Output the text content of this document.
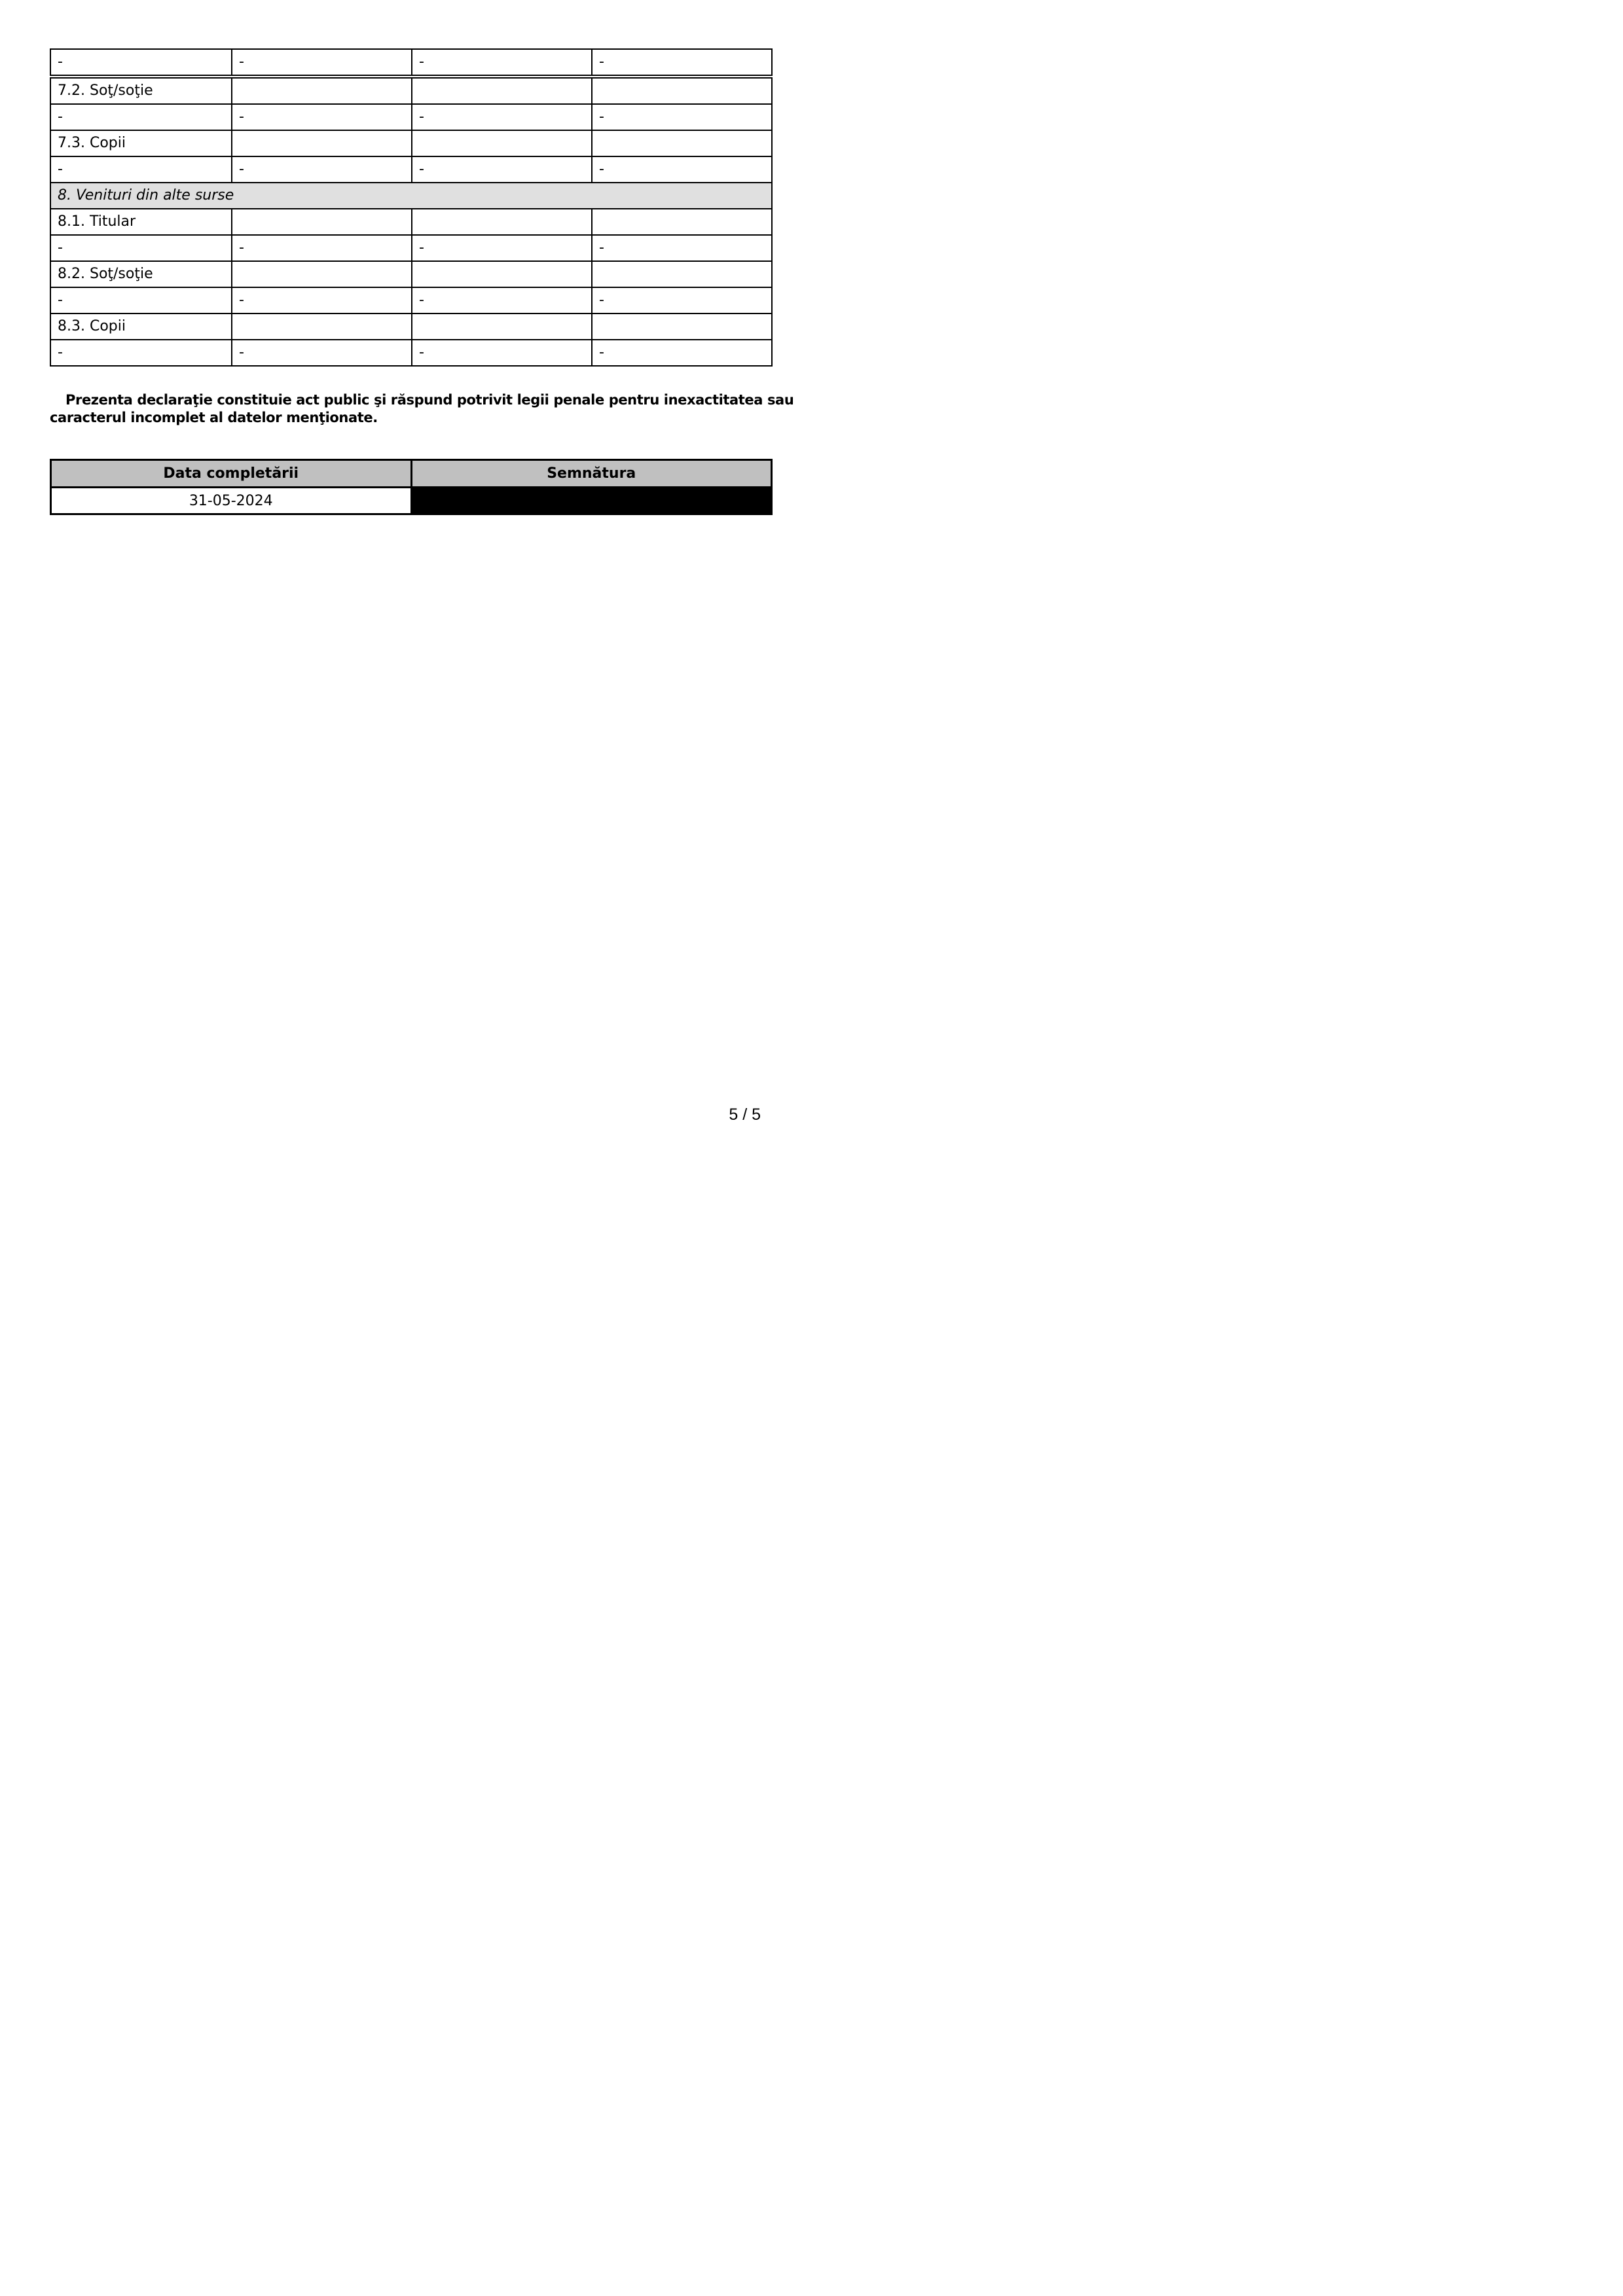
-	-	-	-
7.2. Soţ/soţie
-	-	-	-
7.3. Copii
-	-	-	-
8. Venituri din alte surse
8.1. Titular
-	-	-	-
8.2. Soţ/soţie
-	-	-	-
8.3. Copii
-	-	-	-

Prezenta declaraţie constituie act public şi răspund potrivit legii penale pentru inexactitatea sau
caracterul incomplet al datelor menţionate.

Data completării	Semnătura
31-05-2024	
5 / 5
